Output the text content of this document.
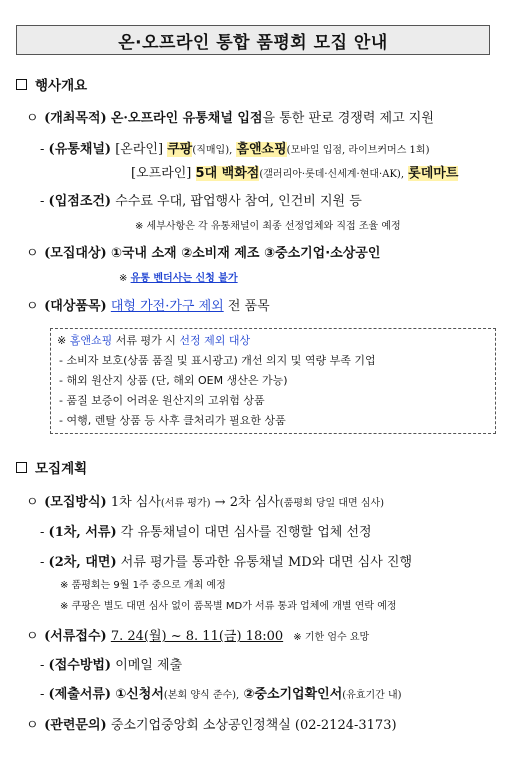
온·오프라인 통합 품평회 모집 안내
행사개요
ㅇ (개최목적) 온·오프라인 유통채널 입점을 통한 판로 경쟁력 제고 지원
- (유통채널) [온라인] 쿠팡(직매입), 홈앤쇼핑(모바일 입점, 라이브커머스 1회)
[오프라인] 5대 백화점(갤러리아·롯데·신세계·현대·AK), 롯데마트
- (입점조건) 수수료 우대, 팝업행사 참여, 인건비 지원 등
※ 세부사항은 각 유통채널이 최종 선정업체와 직접 조율 예정
ㅇ (모집대상) ①국내 소재 ②소비재 제조 ③중소기업·소상공인
※ 유통 벤더사는 신청 불가
ㅇ (대상품목) 대형 가전·가구 제외 전 품목
※ 홈앤쇼핑 서류 평가 시 선정 제외 대상
- 소비자 보호(상품 품질 및 표시광고) 개선 의지 및 역량 부족 기업
- 해외 원산지 상품 (단, 해외 OEM 생산은 가능)
- 품질 보증이 어려운 원산지의 고위험 상품
- 여행, 렌탈 상품 등 사후 클처리가 필요한 상품
모집계획
ㅇ (모집방식) 1차 심사(서류 평가) → 2차 심사(품평회 당일 대면 심사)
- (1차, 서류) 각 유통채널이 대면 심사를 진행할 업체 선정
- (2차, 대면) 서류 평가를 통과한 유통채널 MD와 대면 심사 진행
※ 품평회는 9월 1주 중으로 개최 예정
※ 쿠팡은 별도 대면 심사 없이 품목별 MD가 서류 통과 업체에 개별 연락 예정
ㅇ (서류접수) 7. 24(월) ~ 8. 11(금) 18:00 ※ 기한 엄수 요망
- (접수방법) 이메일 제출
- (제출서류) ①신청서(본회 양식 준수), ②중소기업확인서(유효기간 내)
ㅇ (관련문의) 중소기업중앙회 소상공인정책실 (02-2124-3173)
